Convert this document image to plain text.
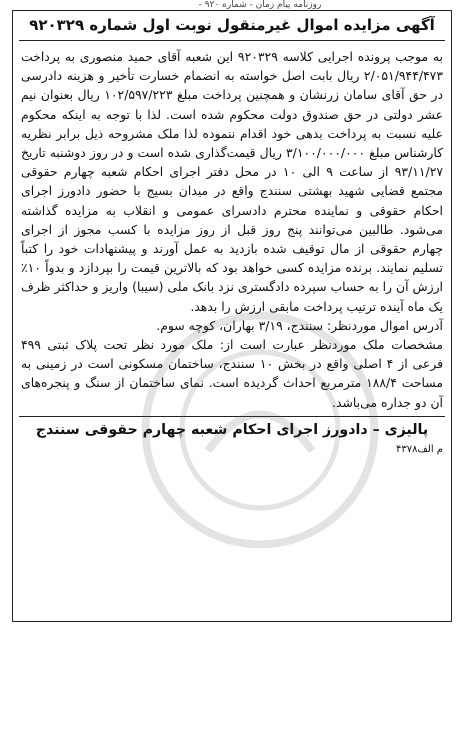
روزنامه پیام زمان - شماره ۹۲۰ -
آگهی مزایده اموال غیرمنقول نوبت اول شماره ۹۲۰۳۲۹

به موجب پرونده اجرایی کلاسه ۹۲۰۳۲۹ این شعبه آقای حمید منصوری به پرداخت ۲/۰۵۱/۹۴۴/۴۷۳ ریال بابت اصل خواسته به انضمام خسارت تأخیر و هزینه دادرسی در حق آقای سامان زرنشان و همچنین پرداخت مبلغ ۱۰۲/۵۹۷/۲۲۳ ریال بعنوان نیم عشر دولتی در حق صندوق دولت محکوم شده است. لذا با توجه به اینکه محکوم علیه نسبت به پرداخت بدهی خود اقدام ننموده لذا ملک مشروحه ذیل برابر نظریه کارشناس مبلغ ۳/۱۰۰/۰۰۰/۰۰۰ ریال قیمت‌گذاری شده است و در روز دوشنبه تاریخ ۹۳/۱۱/۲۷ از ساعت ۹ الی ۱۰ در محل دفتر اجرای احکام شعبه چهارم حقوقی مجتمع قضایی شهید بهشتی سنندج واقع در میدان بسیج با حضور دادورز اجرای احکام حقوقی و نماینده محترم دادسرای عمومی و انقلاب به مزایده گذاشته می‌شود. طالبین می‌توانند پنج روز قبل از روز مزایده با کسب مجوز از اجرای چهارم حقوقی از مال توقیف شده بازدید به عمل آورند و پیشنهادات خود را کتباً تسلیم نمایند. برنده مزایده کسی خواهد بود که بالاترین قیمت را بپردازد و بدواً ۱۰٪ ارزش آن را به حساب سپرده دادگستری نزد بانک ملی (سیبا) واریز و حداکثر ظرف یک ماه آینده ترتیب پرداخت مابقی ارزش را بدهد.

آدرس اموال موردنظر: سنندج، ۳/۱۹ بهاران، کوچه سوم.

مشخصات ملک موردنظر عبارت است از: ملک مورد نظر تحت پلاک ثبتی ۴۹۹ فرعی از ۴ اصلی واقع در بخش ۱۰ سنندج، ساختمان مسکونی است در زمینی به مساحت ۱۸۸/۴ مترمربع احداث گردیده است. نمای ساختمان از سنگ و پنجره‌های آن دو جداره می‌باشد.

پالیزی – دادورز اجرای احکام شعبه چهارم حقوقی سنندج
م الف۴۳۷۸
